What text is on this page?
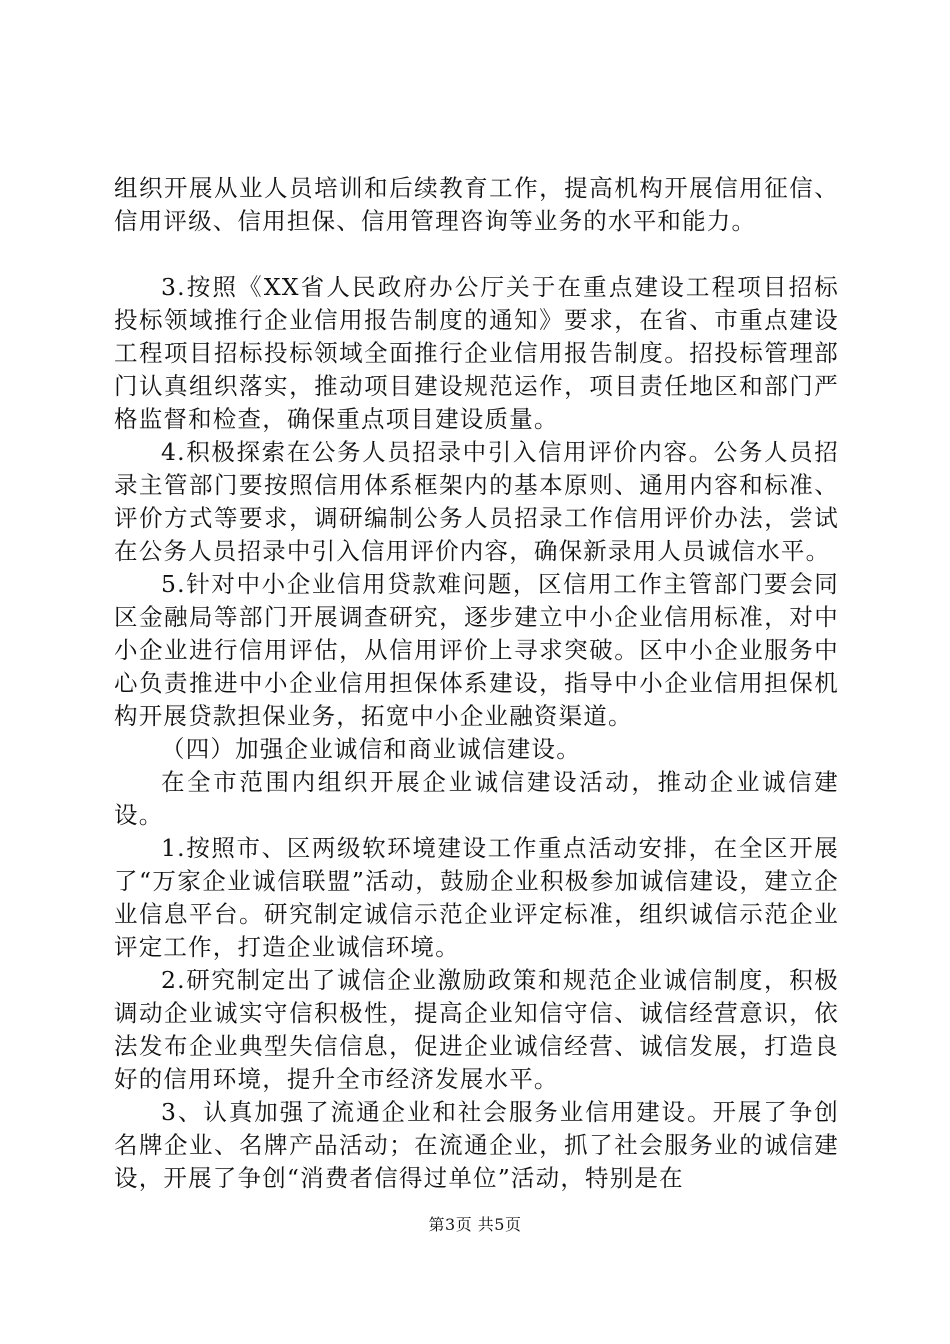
组织开展从业人员培训和后续教育工作，提高机构开展信用征信、信用评级、信用担保、信用管理咨询等业务的水平和能力。

3.按照《XX省人民政府办公厅关于在重点建设工程项目招标投标领域推行企业信用报告制度的通知》要求，在省、市重点建设工程项目招标投标领域全面推行企业信用报告制度。招投标管理部门认真组织落实，推动项目建设规范运作，项目责任地区和部门严格监督和检查，确保重点项目建设质量。

4.积极探索在公务人员招录中引入信用评价内容。公务人员招录主管部门要按照信用体系框架内的基本原则、通用内容和标准、评价方式等要求，调研编制公务人员招录工作信用评价办法，尝试在公务人员招录中引入信用评价内容，确保新录用人员诚信水平。

5.针对中小企业信用贷款难问题，区信用工作主管部门要会同区金融局等部门开展调查研究，逐步建立中小企业信用标准，对中小企业进行信用评估，从信用评价上寻求突破。区中小企业服务中心负责推进中小企业信用担保体系建设，指导中小企业信用担保机构开展贷款担保业务，拓宽中小企业融资渠道。

（四）加强企业诚信和商业诚信建设。

在全市范围内组织开展企业诚信建设活动，推动企业诚信建设。

1.按照市、区两级软环境建设工作重点活动安排，在全区开展了“万家企业诚信联盟”活动，鼓励企业积极参加诚信建设，建立企业信息平台。研究制定诚信示范企业评定标准，组织诚信示范企业评定工作，打造企业诚信环境。

2.研究制定出了诚信企业激励政策和规范企业诚信制度，积极调动企业诚实守信积极性，提高企业知信守信、诚信经营意识，依法发布企业典型失信信息，促进企业诚信经营、诚信发展，打造良好的信用环境，提升全市经济发展水平。

3、认真加强了流通企业和社会服务业信用建设。开展了争创名牌企业、名牌产品活动；在流通企业，抓了社会服务业的诚信建设，开展了争创“消费者信得过单位”活动，特别是在

第3页 共5页
